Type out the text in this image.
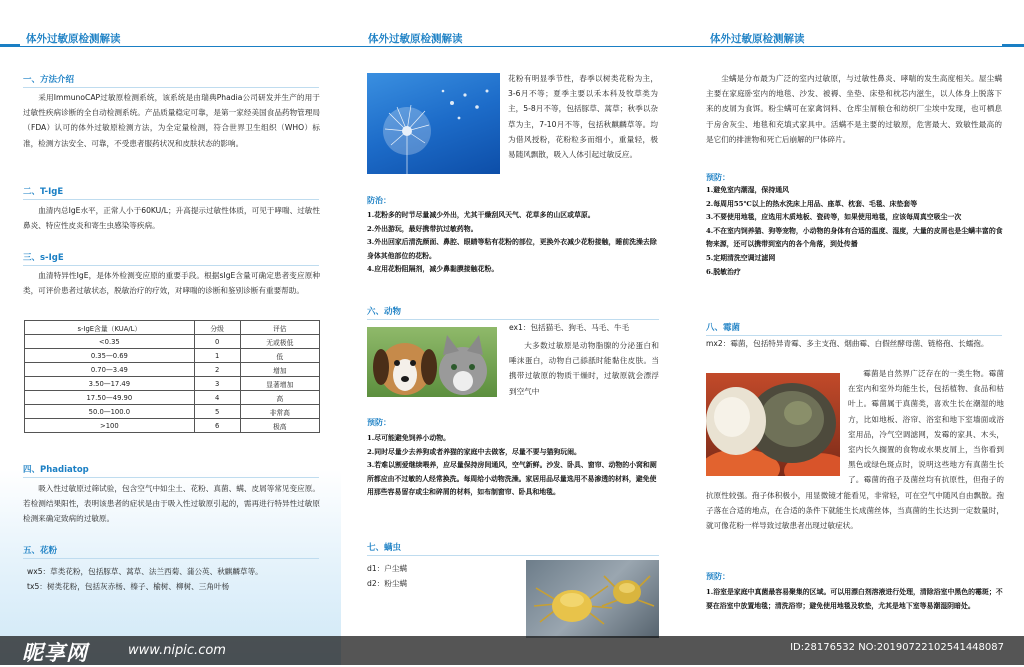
体外过敏原检测解读
一、方法介绍
采用ImmunoCAP过敏原检测系统，该系统是由瑞典Phadia公司研发并生产的用于过敏性疾病诊断的全自动检测系统。产品质量稳定可靠，是第一家经美国食品药物管理局（FDA）认可的体外过敏原检测方法，为全定量检测，符合世界卫生组织（WHO）标准，检测方法安全、可靠，不受患者服药状况和皮肤状态的影响。
二、T-IgE
血清内总IgE水平，正常人小于60KU/L；升高提示过敏性体质，可见于哮喘、过敏性鼻炎、特应性皮炎和寄生虫感染等疾病。
三、s-IgE
血清特异性IgE，是体外检测变应原的重要手段。根据sIgE含量可确定患者变应原种类，可评价患者过敏状态，脱敏治疗的疗效，对哮喘的诊断和鉴别诊断有重要帮助。
s-IgE含量（KUA/L）	分级	评估
<0.35	0	无或极低
0.35—0.69	1	低
0.70—3.49	2	增加
3.50—17.49	3	显著增加
17.50—49.90	4	高
50.0—100.0	5	非常高
>100	6	极高
四、Phadiatop
吸入性过敏原过筛试验，包含空气中如尘土、花粉、真菌、螨、皮屑等常见变应原。若检测结果阳性，表明该患者的症状是由于吸入性过敏原引起的，需再进行特异性过敏原检测来确定致病的过敏原。
五、花粉
wx5：草类花粉，包括豚草、蒿草、法兰西菊、蒲公英、秋麒麟草等。
tx5：树类花粉，包括灰赤杨、榛子、榆树、柳树、三角叶杨
体外过敏原检测解读
花粉有明显季节性，春季以树类花粉为主，3-6月不等；夏季主要以禾本科及牧草类为主，5-8月不等，包括豚草、蒿草；秋季以杂草为主，7-10月不等，包括秋麒麟草等。均为借风授粉，花粉粒多而细小，重量轻，极易随风飘散，吸入人体引起过敏反应。
防治：
1.花粉多的时节尽量减少外出，尤其干燥刮风天气、花草多的山区或草原。
2.外出游玩，最好携带抗过敏药物。
3.外出回家后清洗颜面、鼻腔、眼睛等粘有花粉的部位，更换外衣减少花粉接触，睡前洗澡去除身体其他部位的花粉。
4.应用花粉阻隔剂，减少鼻黏膜接触花粉。
六、动物
ex1：包括猫毛、狗毛、马毛、牛毛
大多数过敏原是动物脂腺的分泌蛋白和唾沫蛋白，动物自己舔舐时能黏住皮肤。当携带过敏原的物质干燥时，过敏原就会漂浮到空气中
预防：
1.尽可能避免饲养小动物。
2.同时尽量少去养狗或者养猫的家庭中去做客，尽量不要与猫狗玩闹。
3.若难以割爱继续喂养，应尽量保持房间通风，空气新鲜。沙发、卧具、窗帘、动物的小窝和厕所都应由不过敏的人经常换洗。每周给小动物洗澡。家居用品尽量选用不易渗透的材料，避免使用那些容易留存或尘和碎屑的材料，如布制窗帘、卧具和地毯。
七、螨虫
d1：户尘螨
d2：粉尘螨
体外过敏原检测解读
尘螨是分布最为广泛的室内过敏原，与过敏性鼻炎、哮喘的发生高度相关。屋尘螨主要在家庭卧室内的地毯、沙发、被褥、坐垫、床垫和枕芯内滋生，以人体身上脱落下来的皮屑为食饵。粉尘螨可在家禽饲料、仓库尘屑粮仓和纺织厂尘埃中发现，也可栖息于房舍灰尘、地毯和充填式家具中。活螨不是主要的过敏原，危害最大、致敏性最高的是它们的排泄物和死亡后崩解的尸体碎片。
预防：
1.避免室内潮湿，保持通风
2.每周用55℃以上的热水洗床上用品、座革、枕套、毛毯、床垫套等
3.不要使用地毯，应选用木质地板、瓷砖等，如果使用地毯，应该每周真空吸尘一次
4.不在室内饲养猫、狗等宠物，小动物的身体有合适的温度、湿度，大量的皮屑也是尘螨丰富的食物来源，还可以携带到室内的各个角落，到处传播
5.定期清洗空调过滤网
6.脱敏治疗
八、霉菌
mx2：霉菌，包括特异青霉、多主支孢、烟曲霉、白假丝酵母菌、链格孢、长蠕孢。
霉菌是自然界广泛存在的一类生物。霉菌在室内和室外均能生长，包括植物、食品和枯叶上。霉菌属于真菌类，喜欢生长在潮湿的地方，比如地板、浴帘、浴室和地下室墙面或浴室用品，冷气空调滤网，发霉的家具、木头，室内长久搁置的食物或水果皮屑上，当你看到黑色或绿色斑点时，说明这些地方有真菌生长了。霉菌的孢子及菌丝均有抗原性，但孢子的抗原性较强。孢子体积极小，用显微镜才能看见，非常轻，可在空气中随风自由飘散。孢子落在合适的地点，在合适的条件下就能生长成菌丝体，当真菌的生长达到一定数量时，就可像花粉一样导致过敏患者出现过敏症状。
预防：
1.浴室是家庭中真菌最容易聚集的区域。可以用漂白剂溶液进行处理，清除浴室中黑色的霉斑；不要在浴室中放置地毯；清洗浴帘；避免使用地毯及软垫，尤其是地下室等易潮湿阴暗处。
昵享网	www.nipic.com	ID:28176532 NO:20190722102541448087
